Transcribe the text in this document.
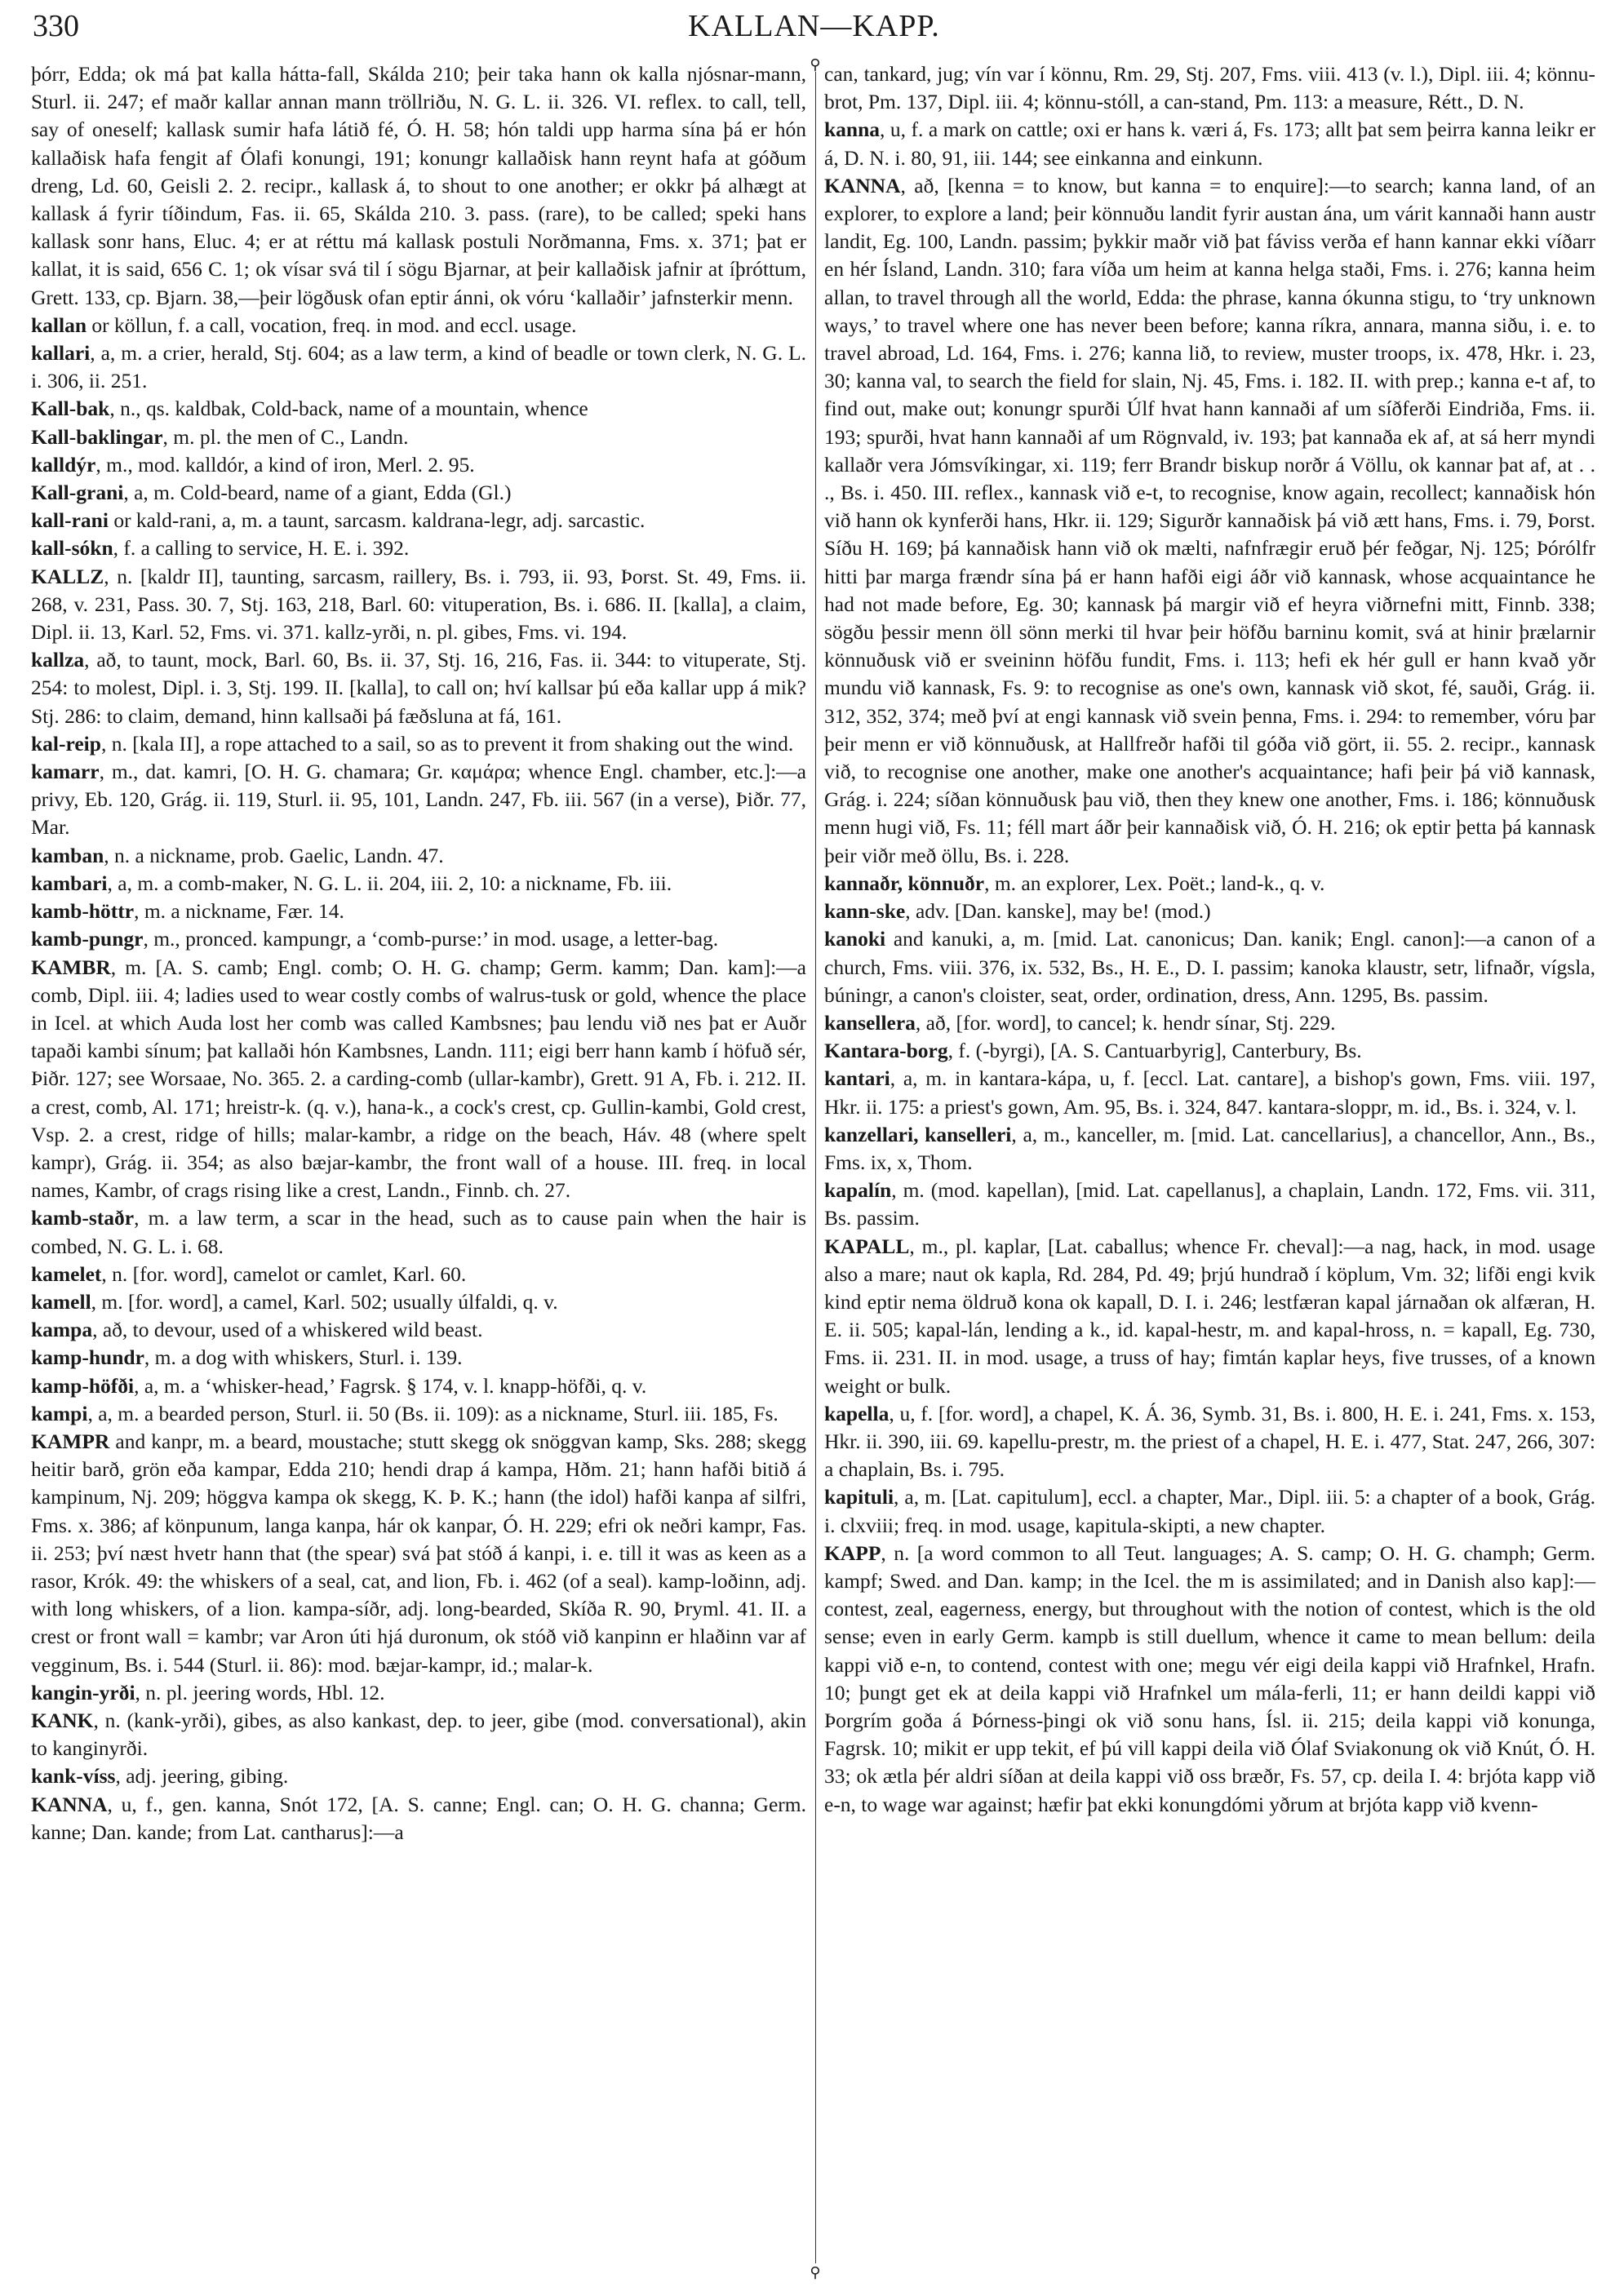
330	KALLAN—KAPP.

þórr, Edda; ok má þat kalla hátta-fall, Skálda 210; þeir taka hann ok kalla njósnar-mann, Sturl. ii. 247; ef maðr kallar annan mann tröllriðu, N. G. L. ii. 326. VI. reflex. to call, tell, say of oneself; kallask sumir hafa látið fé, Ó. H. 58; hón taldi upp harma sína þá er hón kallaðisk hafa fengit af Ólafi konungi, 191; konungr kallaðisk hann reynt hafa at góðum dreng, Ld. 60, Geisli 2. 2. recipr., kallask á, to shout to one another; er okkr þá alhægt at kallask á fyrir tíðindum, Fas. ii. 65, Skálda 210. 3. pass. (rare), to be called; speki hans kallask sonr hans, Eluc. 4; er at réttu má kallask postuli Norðmanna, Fms. x. 371; þat er kallat, it is said, 656 C. 1; ok vísar svá til í sögu Bjarnar, at þeir kallaðisk jafnir at íþróttum, Grett. 133, cp. Bjarn. 38,—þeir lögðusk ofan eptir ánni, ok vóru ‘kallaðir’ jafnsterkir menn.

kallan or köllun, f. a call, vocation, freq. in mod. and eccl. usage.

kallari, a, m. a crier, herald, Stj. 604; as a law term, a kind of beadle or town clerk, N. G. L. i. 306, ii. 251.

Kall-bak, n., qs. kaldbak, Cold-back, name of a mountain, whence

Kall-baklingar, m. pl. the men of C., Landn.

kalldýr, m., mod. kalldór, a kind of iron, Merl. 2. 95.

Kall-grani, a, m. Cold-beard, name of a giant, Edda (Gl.)

kall-rani or kald-rani, a, m. a taunt, sarcasm. kaldrana-legr, adj. sarcastic.

kall-sókn, f. a calling to service, H. E. i. 392.

KALLZ, n. [kaldr II], taunting, sarcasm, raillery, Bs. i. 793, ii. 93, Þorst. St. 49, Fms. ii. 268, v. 231, Pass. 30. 7, Stj. 163, 218, Barl. 60: vituperation, Bs. i. 686. II. [kalla], a claim, Dipl. ii. 13, Karl. 52, Fms. vi. 371. kallz-yrði, n. pl. gibes, Fms. vi. 194.

kallza, að, to taunt, mock, Barl. 60, Bs. ii. 37, Stj. 16, 216, Fas. ii. 344: to vituperate, Stj. 254: to molest, Dipl. i. 3, Stj. 199. II. [kalla], to call on; hví kallsar þú eða kallar upp á mik? Stj. 286: to claim, demand, hinn kallsaði þá fæðsluna at fá, 161.

kal-reip, n. [kala II], a rope attached to a sail, so as to prevent it from shaking out the wind.

kamarr, m., dat. kamri, [O. H. G. chamara; Gr. καμάρα; whence Engl. chamber, etc.]:—a privy, Eb. 120, Grág. ii. 119, Sturl. ii. 95, 101, Landn. 247, Fb. iii. 567 (in a verse), Þiðr. 77, Mar.

kamban, n. a nickname, prob. Gaelic, Landn. 47.

kambari, a, m. a comb-maker, N. G. L. ii. 204, iii. 2, 10: a nickname, Fb. iii.

kamb-höttr, m. a nickname, Fær. 14.

kamb-pungr, m., pronced. kampungr, a ‘comb-purse:’ in mod. usage, a letter-bag.

KAMBR, m. [A. S. camb; Engl. comb; O. H. G. champ; Germ. kamm; Dan. kam]:—a comb, Dipl. iii. 4; ladies used to wear costly combs of walrus-tusk or gold, whence the place in Icel. at which Auda lost her comb was called Kambsnes; þau lendu við nes þat er Auðr tapaði kambi sínum; þat kallaði hón Kambsnes, Landn. 111; eigi berr hann kamb í höfuð sér, Þiðr. 127; see Worsaae, No. 365. 2. a carding-comb (ullar-kambr), Grett. 91 A, Fb. i. 212. II. a crest, comb, Al. 171; hreistr-k. (q. v.), hana-k., a cock's crest, cp. Gullin-kambi, Gold crest, Vsp. 2. a crest, ridge of hills; malar-kambr, a ridge on the beach, Háv. 48 (where spelt kampr), Grág. ii. 354; as also bæjar-kambr, the front wall of a house. III. freq. in local names, Kambr, of crags rising like a crest, Landn., Finnb. ch. 27.

kamb-staðr, m. a law term, a scar in the head, such as to cause pain when the hair is combed, N. G. L. i. 68.

kamelet, n. [for. word], camelot or camlet, Karl. 60.

kamell, m. [for. word], a camel, Karl. 502; usually úlfaldi, q. v.

kampa, að, to devour, used of a whiskered wild beast.

kamp-hundr, m. a dog with whiskers, Sturl. i. 139.

kamp-höfði, a, m. a ‘whisker-head,’ Fagrsk. § 174, v. l. knapp-höfði, q. v.

kampi, a, m. a bearded person, Sturl. ii. 50 (Bs. ii. 109): as a nickname, Sturl. iii. 185, Fs.

KAMPR and kanpr, m. a beard, moustache; stutt skegg ok snöggvan kamp, Sks. 288; skegg heitir barð, grön eða kampar, Edda 210; hendi drap á kampa, Hðm. 21; hann hafði bitið á kampinum, Nj. 209; höggva kampa ok skegg, K. Þ. K.; hann (the idol) hafði kanpa af silfri, Fms. x. 386; af könpunum, langa kanpa, hár ok kanpar, Ó. H. 229; efri ok neðri kampr, Fas. ii. 253; því næst hvetr hann that (the spear) svá þat stóð á kanpi, i. e. till it was as keen as a rasor, Krók. 49: the whiskers of a seal, cat, and lion, Fb. i. 462 (of a seal). kamp-loðinn, adj. with long whiskers, of a lion. kampa-síðr, adj. long-bearded, Skíða R. 90, Þryml. 41. II. a crest or front wall = kambr; var Aron úti hjá duronum, ok stóð við kanpinn er hlaðinn var af vegginum, Bs. i. 544 (Sturl. ii. 86): mod. bæjar-kampr, id.; malar-k.

kangin-yrði, n. pl. jeering words, Hbl. 12.

KANK, n. (kank-yrði), gibes, as also kankast, dep. to jeer, gibe (mod. conversational), akin to kanginyrði.

kank-víss, adj. jeering, gibing.

KANNA, u, f., gen. kanna, Snót 172, [A. S. canne; Engl. can; O. H. G. channa; Germ. kanne; Dan. kande; from Lat. cantharus]:—a

⚲
⚲

can, tankard, jug; vín var í könnu, Rm. 29, Stj. 207, Fms. viii. 413 (v. l.), Dipl. iii. 4; könnu-brot, Pm. 137, Dipl. iii. 4; könnu-stóll, a can-stand, Pm. 113: a measure, Rétt., D. N.

kanna, u, f. a mark on cattle; oxi er hans k. væri á, Fs. 173; allt þat sem þeirra kanna leikr er á, D. N. i. 80, 91, iii. 144; see einkanna and einkunn.

KANNA, að, [kenna = to know, but kanna = to enquire]:—to search; kanna land, of an explorer, to explore a land; þeir könnuðu landit fyrir austan ána, um várit kannaði hann austr landit, Eg. 100, Landn. passim; þykkir maðr við þat fáviss verða ef hann kannar ekki víðarr en hér Ísland, Landn. 310; fara víða um heim at kanna helga staði, Fms. i. 276; kanna heim allan, to travel through all the world, Edda: the phrase, kanna ókunna stigu, to ‘try unknown ways,’ to travel where one has never been before; kanna ríkra, annara, manna siðu, i. e. to travel abroad, Ld. 164, Fms. i. 276; kanna lið, to review, muster troops, ix. 478, Hkr. i. 23, 30; kanna val, to search the field for slain, Nj. 45, Fms. i. 182. II. with prep.; kanna e-t af, to find out, make out; konungr spurði Úlf hvat hann kannaði af um síðferði Eindriða, Fms. ii. 193; spurði, hvat hann kannaði af um Rögnvald, iv. 193; þat kannaða ek af, at sá herr myndi kallaðr vera Jómsvíkingar, xi. 119; ferr Brandr biskup norðr á Völlu, ok kannar þat af, at . . ., Bs. i. 450. III. reflex., kannask við e-t, to recognise, know again, recollect; kannaðisk hón við hann ok kynferði hans, Hkr. ii. 129; Sigurðr kannaðisk þá við ætt hans, Fms. i. 79, Þorst. Síðu H. 169; þá kannaðisk hann við ok mælti, nafnfrægir eruð þér feðgar, Nj. 125; Þórólfr hitti þar marga frændr sína þá er hann hafði eigi áðr við kannask, whose acquaintance he had not made before, Eg. 30; kannask þá margir við ef heyra viðrnefni mitt, Finnb. 338; sögðu þessir menn öll sönn merki til hvar þeir höfðu barninu komit, svá at hinir þrælarnir könnuðusk við er sveininn höfðu fundit, Fms. i. 113; hefi ek hér gull er hann kvað yðr mundu við kannask, Fs. 9: to recognise as one's own, kannask við skot, fé, sauði, Grág. ii. 312, 352, 374; með því at engi kannask við svein þenna, Fms. i. 294: to remember, vóru þar þeir menn er við könnuðusk, at Hallfreðr hafði til góða við gört, ii. 55. 2. recipr., kannask við, to recognise one another, make one another's acquaintance; hafi þeir þá við kannask, Grág. i. 224; síðan könnuðusk þau við, then they knew one another, Fms. i. 186; könnuðusk menn hugi við, Fs. 11; féll mart áðr þeir kannaðisk við, Ó. H. 216; ok eptir þetta þá kannask þeir viðr með öllu, Bs. i. 228.

kannaðr, könnuðr, m. an explorer, Lex. Poët.; land-k., q. v.

kann-ske, adv. [Dan. kanske], may be! (mod.)

kanoki and kanuki, a, m. [mid. Lat. canonicus; Dan. kanik; Engl. canon]:—a canon of a church, Fms. viii. 376, ix. 532, Bs., H. E., D. I. passim; kanoka klaustr, setr, lifnaðr, vígsla, búningr, a canon's cloister, seat, order, ordination, dress, Ann. 1295, Bs. passim.

kansellera, að, [for. word], to cancel; k. hendr sínar, Stj. 229.

Kantara-borg, f. (-byrgi), [A. S. Cantuarbyrig], Canterbury, Bs.

kantari, a, m. in kantara-kápa, u, f. [eccl. Lat. cantare], a bishop's gown, Fms. viii. 197, Hkr. ii. 175: a priest's gown, Am. 95, Bs. i. 324, 847. kantara-sloppr, m. id., Bs. i. 324, v. l.

kanzellari, kanselleri, a, m., kanceller, m. [mid. Lat. cancellarius], a chancellor, Ann., Bs., Fms. ix, x, Thom.

kapalín, m. (mod. kapellan), [mid. Lat. capellanus], a chaplain, Landn. 172, Fms. vii. 311, Bs. passim.

KAPALL, m., pl. kaplar, [Lat. caballus; whence Fr. cheval]:—a nag, hack, in mod. usage also a mare; naut ok kapla, Rd. 284, Pd. 49; þrjú hundrað í köplum, Vm. 32; lifði engi kvik kind eptir nema öldruð kona ok kapall, D. I. i. 246; lestfæran kapal járnaðan ok alfæran, H. E. ii. 505; kapal-lán, lending a k., id. kapal-hestr, m. and kapal-hross, n. = kapall, Eg. 730, Fms. ii. 231. II. in mod. usage, a truss of hay; fimtán kaplar heys, five trusses, of a known weight or bulk.

kapella, u, f. [for. word], a chapel, K. Á. 36, Symb. 31, Bs. i. 800, H. E. i. 241, Fms. x. 153, Hkr. ii. 390, iii. 69. kapellu-prestr, m. the priest of a chapel, H. E. i. 477, Stat. 247, 266, 307: a chaplain, Bs. i. 795.

kapituli, a, m. [Lat. capitulum], eccl. a chapter, Mar., Dipl. iii. 5: a chapter of a book, Grág. i. clxviii; freq. in mod. usage, kapitula-skipti, a new chapter.

KAPP, n. [a word common to all Teut. languages; A. S. camp; O. H. G. champh; Germ. kampf; Swed. and Dan. kamp; in the Icel. the m is assimilated; and in Danish also kap]:—contest, zeal, eagerness, energy, but throughout with the notion of contest, which is the old sense; even in early Germ. kampb is still duellum, whence it came to mean bellum: deila kappi við e-n, to contend, contest with one; megu vér eigi deila kappi við Hrafnkel, Hrafn. 10; þungt get ek at deila kappi við Hrafnkel um mála-ferli, 11; er hann deildi kappi við Þorgrím goða á Þórness-þingi ok við sonu hans, Ísl. ii. 215; deila kappi við konunga, Fagrsk. 10; mikit er upp tekit, ef þú vill kappi deila við Ólaf Sviakonung ok við Knút, Ó. H. 33; ok ætla þér aldri síðan at deila kappi við oss bræðr, Fs. 57, cp. deila I. 4: brjóta kapp við e-n, to wage war against; hæfir þat ekki konungdómi yðrum at brjóta kapp við kvenn-
